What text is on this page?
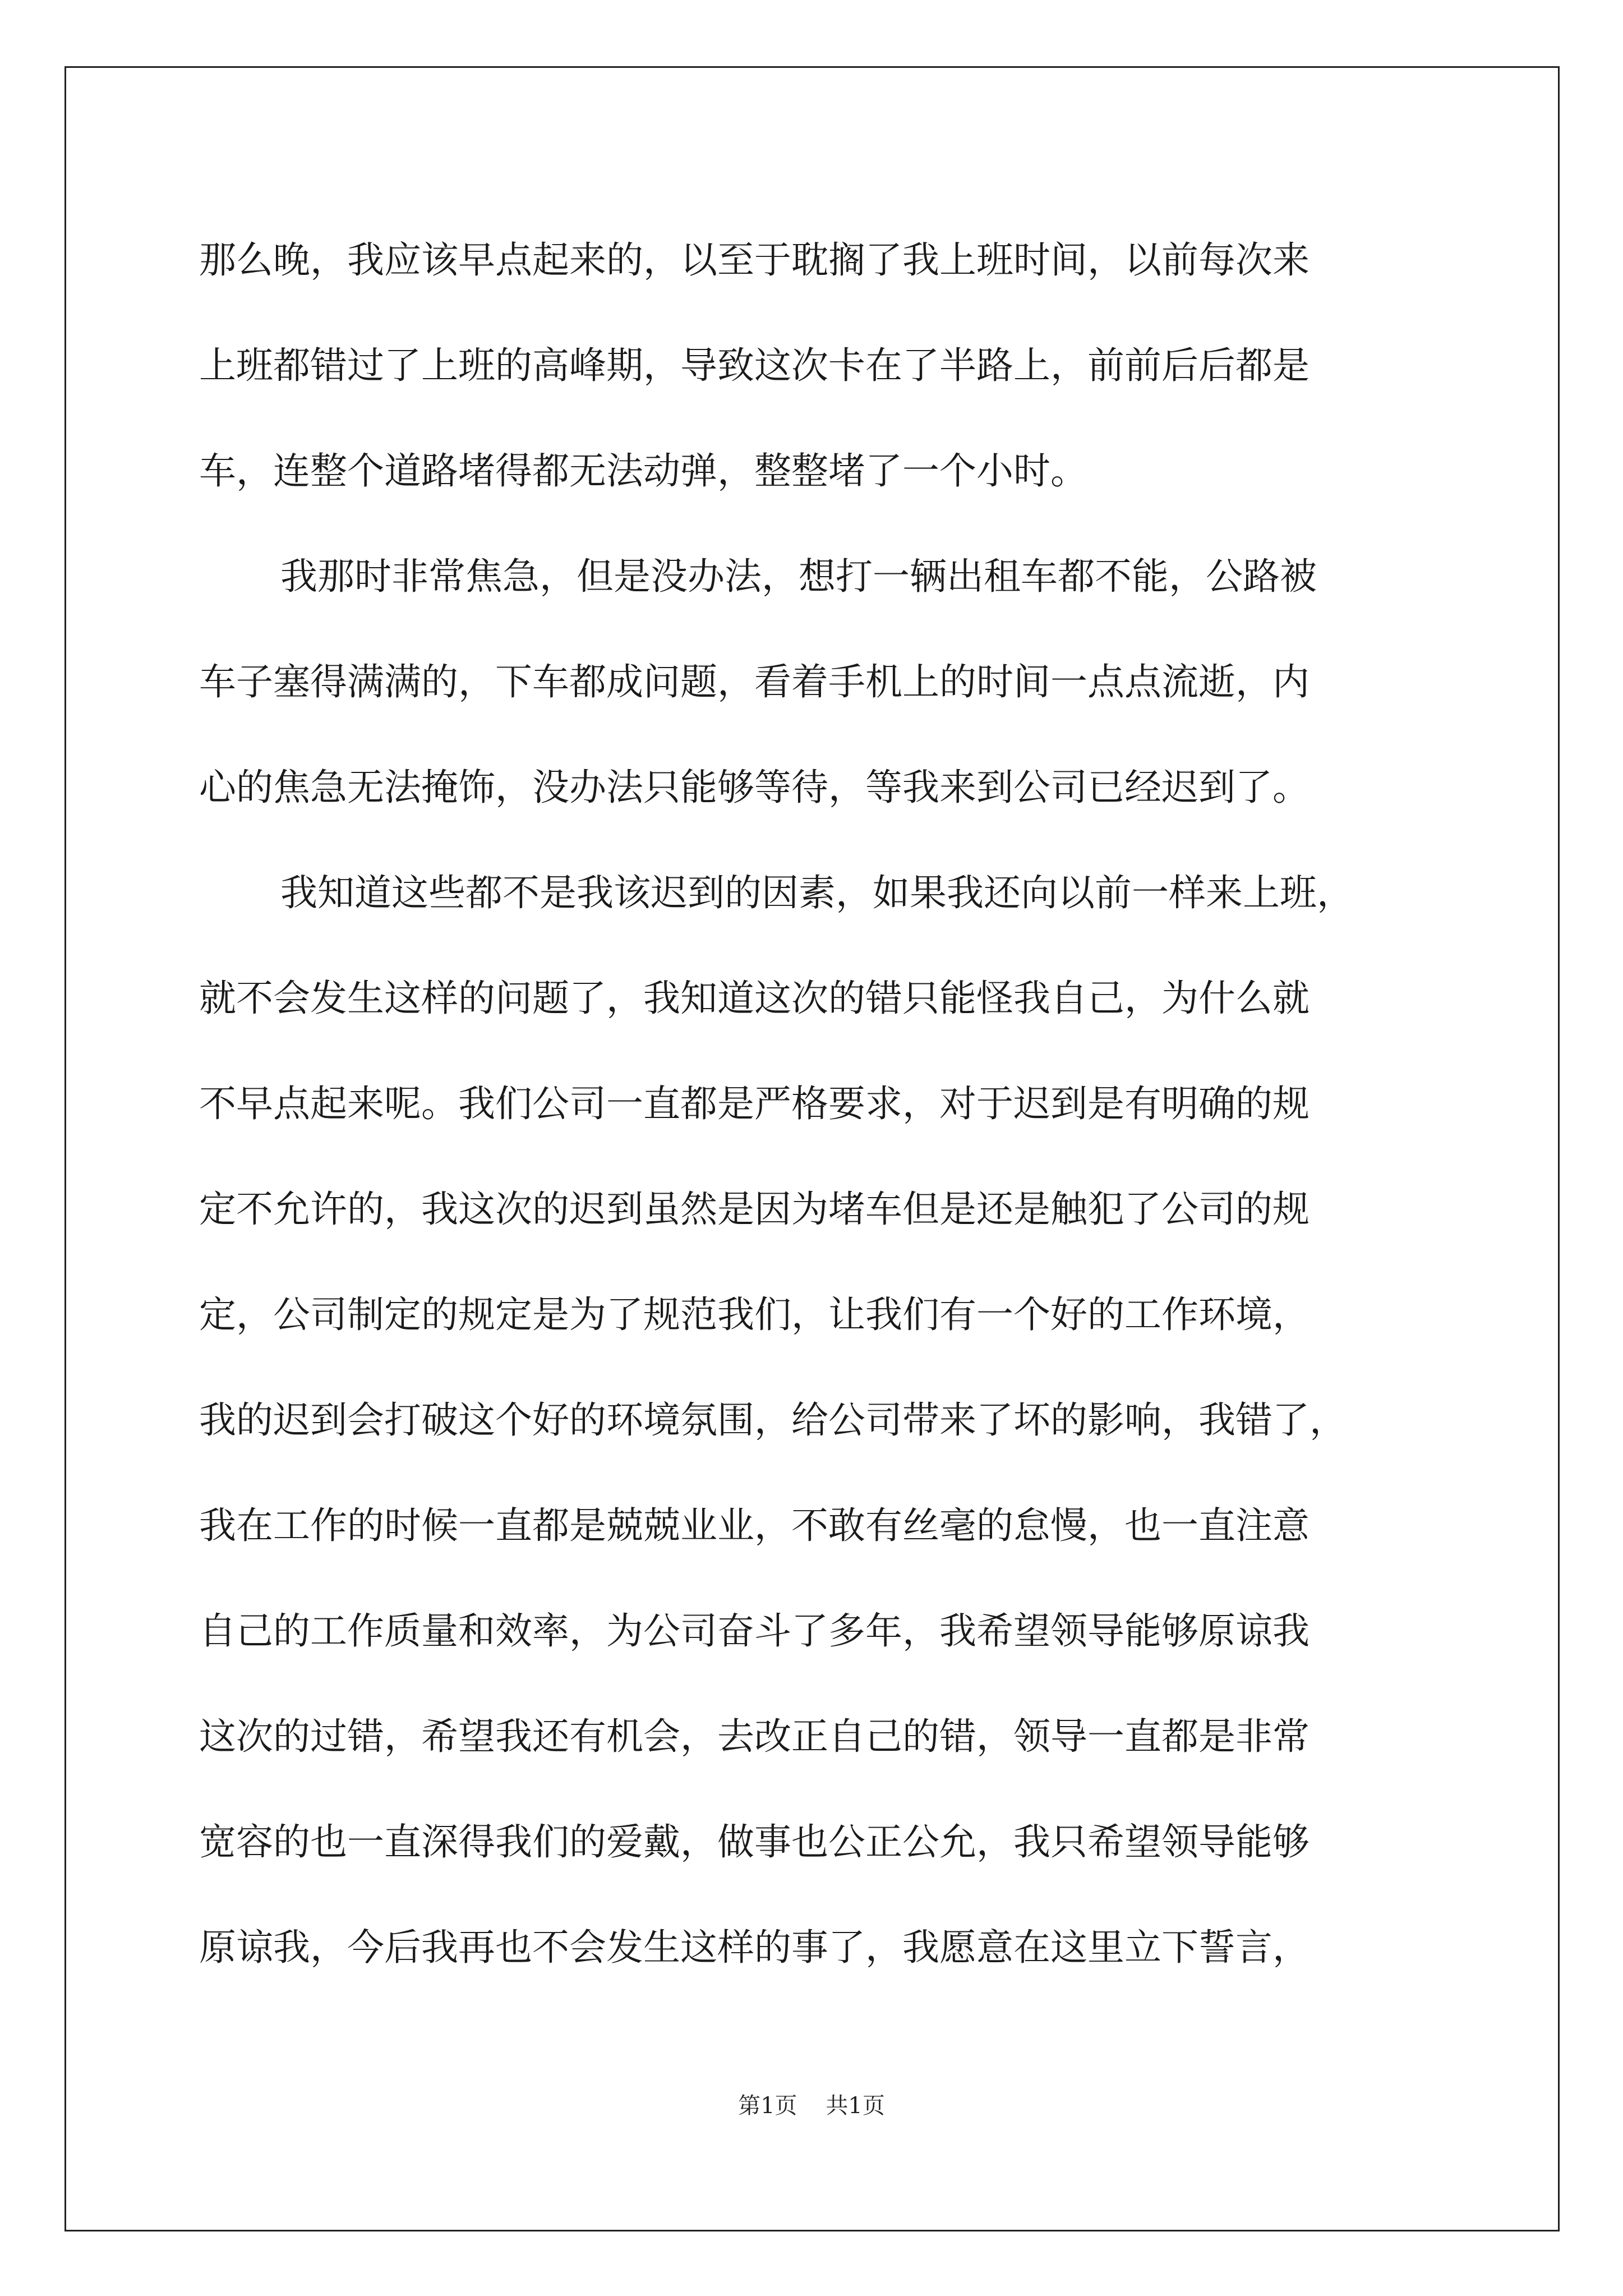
那么晚，我应该早点起来的，以至于耽搁了我上班时间，以前每次来
上班都错过了上班的高峰期，导致这次卡在了半路上，前前后后都是
车，连整个道路堵得都无法动弹，整整堵了一个小时。
我那时非常焦急，但是没办法，想打一辆出租车都不能，公路被
车子塞得满满的，下车都成问题，看着手机上的时间一点点流逝，内
心的焦急无法掩饰，没办法只能够等待，等我来到公司已经迟到了。
我知道这些都不是我该迟到的因素，如果我还向以前一样来上班，
就不会发生这样的问题了，我知道这次的错只能怪我自己，为什么就
不早点起来呢。我们公司一直都是严格要求，对于迟到是有明确的规
定不允许的，我这次的迟到虽然是因为堵车但是还是触犯了公司的规
定，公司制定的规定是为了规范我们，让我们有一个好的工作环境，
我的迟到会打破这个好的环境氛围，给公司带来了坏的影响，我错了，
我在工作的时候一直都是兢兢业业，不敢有丝毫的怠慢，也一直注意
自己的工作质量和效率，为公司奋斗了多年，我希望领导能够原谅我
这次的过错，希望我还有机会，去改正自己的错，领导一直都是非常
宽容的也一直深得我们的爱戴，做事也公正公允，我只希望领导能够
原谅我，今后我再也不会发生这样的事了，我愿意在这里立下誓言，
第1页    共1页
